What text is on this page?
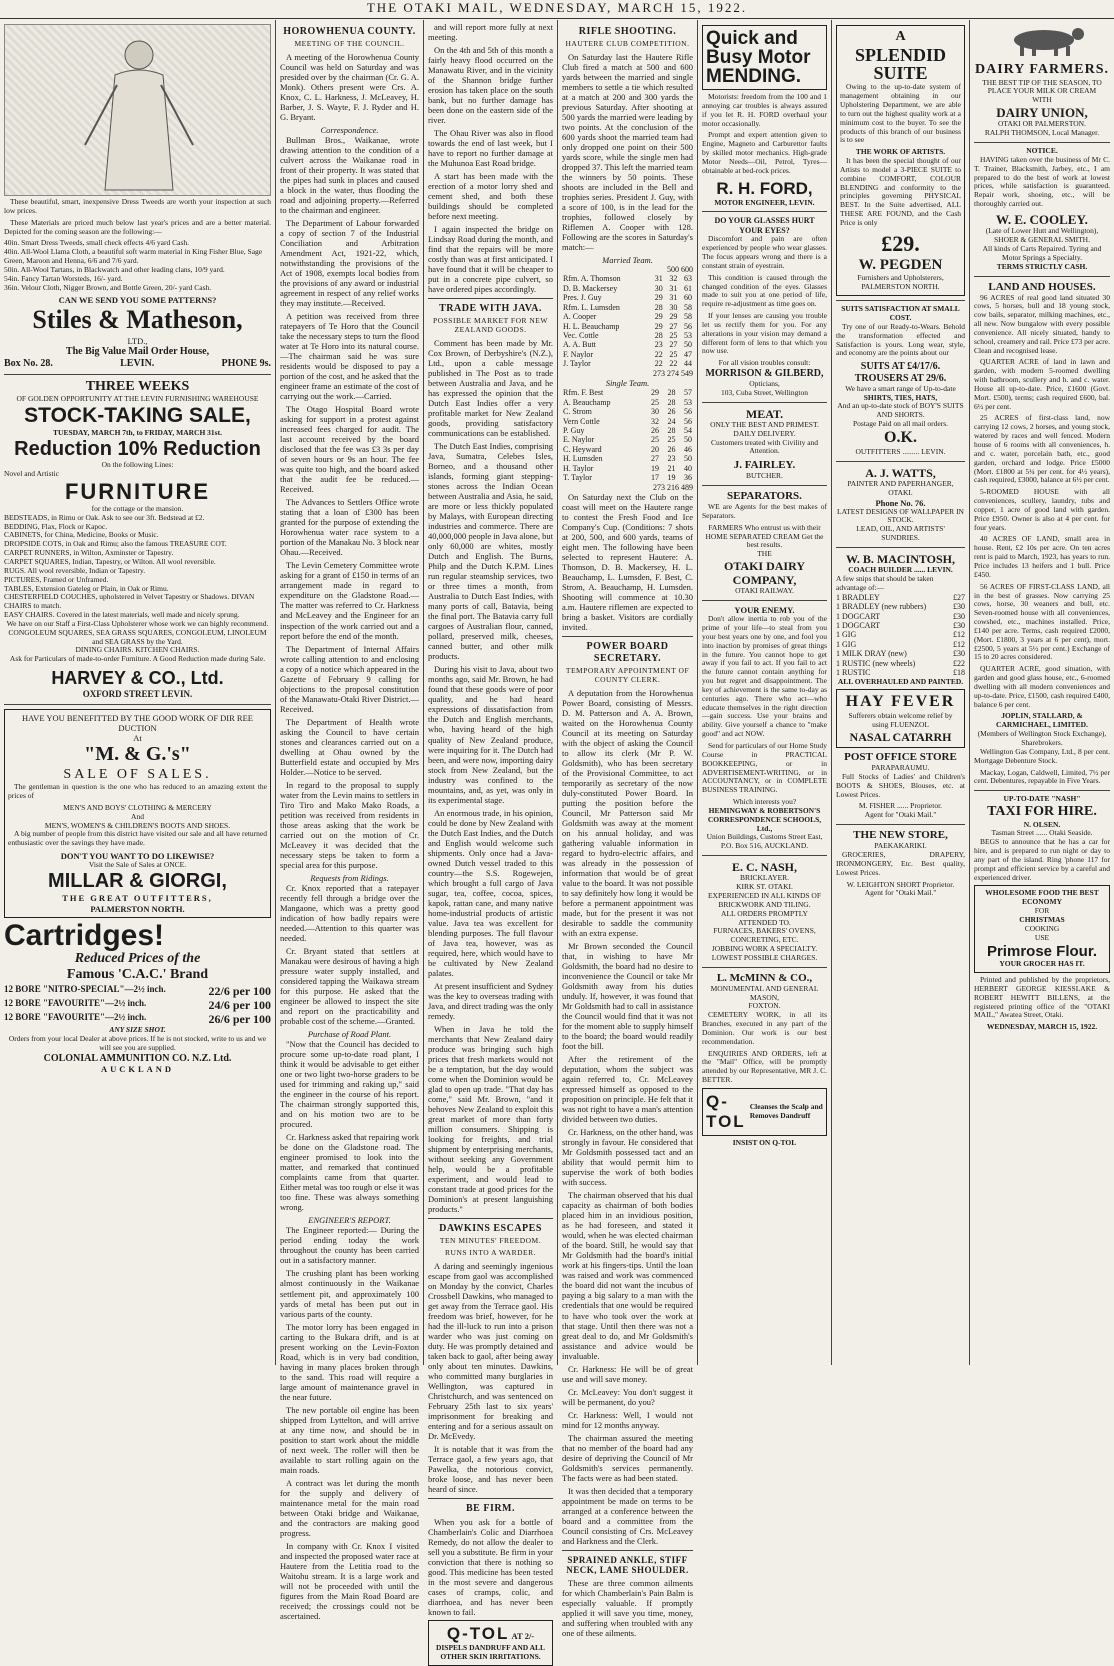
THE OTAKI MAIL, WEDNESDAY, MARCH 15, 1922.

These beautiful, smart, inexpensive Dress Tweeds are worth your inspection at such low prices.

These Materials are priced much below last year's prices and are a better material. Depicted for the coming season are the following:—

40in. Smart Dress Tweeds, small check effects 4/6 yard Cash.
40in. All-Wool Llama Cloth, a beautiful soft warm material in King Fisher Blue, Sage Green, Maroon and Henna, 6/6 and 7/6 yard.
50in. All-Wool Tartans, in Blackwatch and other leading clans, 10/9 yard.
54in. Fancy Tartan Worsteds, 16/- yard.
36in. Velour Cloth, Nigger Brown, and Bottle Green, 20/- yard Cash.
CAN WE SEND YOU SOME PATTERNS?
Stiles & Matheson,
LTD.,
The Big Value Mail Order House,
Box No. 28.	LEVIN.	PHONE 9s.
THREE WEEKS
OF GOLDEN OPPORTUNITY AT THE LEVIN FURNISHING WAREHOUSE
STOCK-TAKING SALE,
TUESDAY, MARCH 7th, to FRIDAY, MARCH 31st.
Reduction 10% Reduction
On the following Lines:
Novel and Artistic
FURNITURE
for the cottage or the mansion.
BEDSTEADS, in Rimu or Oak. Ask to see our 3ft. Bedstead at £2.
BEDDING, Flax, Flock or Kapoc.
CABINETS, for China, Medicine, Books or Music.
DROPSIDE COTS, in Oak and Rimu; also the famous TREASURE COT.
CARPET RUNNERS, in Wilton, Axminster or Tapestry.
CARPET SQUARES, Indian, Tapestry, or Wilton. All wool reversible.
RUGS. All wool reversible, Indian or Tapestry.
PICTURES, Framed or Unframed.
TABLES, Extension Gateleg or Plain, in Oak or Rimu.
CHESTERFIELD COUCHES, upholstered in Velvet Tapestry or Shadows. DIVAN CHAIRS to match.
EASY CHAIRS. Covered in the latest materials, well made and nicely sprung.
We have on our Staff a First-Class Upholsterer whose work we can highly recommend.
CONGOLEUM SQUARES, SEA GRASS SQUARES, CONGOLEUM, LINOLEUM and SEA GRASS by the Yard.
DINING CHAIRS. KITCHEN CHAIRS.
Ask for Particulars of made-to-order Furniture. A Good Reduction made during Sale.
HARVEY & CO., Ltd.
OXFORD STREET LEVIN.
HAVE YOU BENEFITTED BY THE GOOD WORK OF DIR REE DUCTION
At
"M. & G.'s"
SALE OF SALES.

The gentleman in question is the one who has reduced to an amazing extent the prices of

MEN'S AND BOYS' CLOTHING & MERCERY
And
MEN'S, WOMEN'S & CHILDREN'S BOOTS AND SHOES.

A big number of people from this district have visited our sale and all have returned enthusiastic over the savings they have made.

DON'T YOU WANT TO DO LIKEWISE?
Visit the Sale of Sales at ONCE.
MILLAR & GIORGI,
THE GREAT OUTFITTERS,
PALMERSTON NORTH.
Cartridges!
Reduced Prices of the
Famous 'C.A.C.' Brand
12 BORE "NITRO-SPECIAL"—2½ inch.	22/6 per 100
12 BORE "FAVOURITE"—2½ inch.	24/6 per 100
12 BORE "FAVOURITE"—2½ inch.	26/6 per 100
ANY SIZE SHOT.
Orders from your local Dealer at above prices. If he is not stocked, write to us and we will see you are supplied.
COLONIAL AMMUNITION CO. N.Z. Ltd.
AUCKLAND
HOROWHENUA COUNTY.
MEETING OF THE COUNCIL.

A meeting of the Horowhenua County Council was held on Saturday and was presided over by the chairman (Cr. G. A. Monk). Others present were Crs. A. Knox, C. L. Harkness, J. McLeavey, H. Barber, J. S. Wayte, F. J. Ryder and H. G. Bryant.

Correspondence.

Bullman Bros., Waikanae, wrote drawing attention to the condition of a culvert across the Waikanae road in front of their property. It was stated that the pipes had sunk in places and caused a block in the water, thus flooding the road and adjoining property.—Referred to the chairman and engineer.

The Department of Labour forwarded a copy of section 7 of the Industrial Conciliation and Arbitration Amendment Act, 1921-22, which, notwithstanding the provisions of the Act of 1908, exempts local bodies from the provisions of any award or industrial agreement in respect of any relief works they may institute.—Received.

A petition was received from three ratepayers of Te Horo that the Council take the necessary steps to turn the flood water at Te Horo into its natural course.—The chairman said he was sure residents would be disposed to pay a portion of the cost, and he asked that the engineer frame an estimate of the cost of carrying out the work.—Carried.

The Otago Hospital Board wrote asking for support in a protest against increased fees charged for audit. The last account received by the board disclosed that the fee was £3 3s per day of seven hours or 9s an hour. The fee was quite too high, and the board asked that the audit fee be reduced.—Received.

The Advances to Settlers Office wrote stating that a loan of £300 has been granted for the purpose of extending the Horowhenua water race system to a portion of the Manakau No. 3 block near Ohau.—Received.

The Levin Cemetery Committee wrote asking for a grant of £150 in terms of an arrangement made in regard to expenditure on the Gladstone Road.—The matter was referred to Cr. Harkness and McLeavey and the Engineer for an inspection of the work carried out and a report before the end of the month.

The Department of Internal Affairs wrote calling attention to and enclosing a copy of a notice which appeared in the Gazette of February 9 calling for objections to the proposal constitution of the Manawatu-Otaki River District.—Received.

The Department of Health wrote asking the Council to have certain stones and clearances carried out on a dwelling at Ohau owned by the Butterfield estate and occupied by Mrs Holder.—Notice to be served.

In regard to the proposal to supply water from the Levin mains to settlers in Tiro Tiro and Mako Mako Roads, a petition was received from residents in those areas asking that the work be carried out on the motion of Cr. McLeavey it was decided that the necessary steps be taken to form a special area for this purpose.

Requests from Ridings.

Cr. Knox reported that a ratepayer recently fell through a bridge over the Mangaone, which was a pretty good indication of how badly repairs were needed.—Attention to this quarter was needed.

Cr. Bryant stated that settlers at Manakau were desirous of having a high pressure water supply installed, and considered tapping the Waikawa stream for this purpose. He asked that the engineer be allowed to inspect the site and report on the practicability and probable cost of the scheme.—Granted.

Purchase of Road Plant.

"Now that the Council has decided to procure some up-to-date road plant, I think it would be advisable to get either one or two light two-horse graders to be used for trimming and raking up," said the engineer in the course of his report. The chairman strongly supported this, and on his motion two are to be procured.

Cr. Harkness asked that repairing work be done on the Gladstone road. The engineer promised to look into the matter, and remarked that continued complaints came from that quarter. Either metal was too rough or else it was too fine. These was always something wrong.

ENGINEER'S REPORT.

The Engineer reported:— During the period ending today the work throughout the county has been carried out in a satisfactory manner.

The crushing plant has been working almost continuously in the Waikanae settlement pit, and approximately 100 yards of metal has been put out in various parts of the county.

The motor lorry has been engaged in carting to the Bukara drift, and is at present working on the Levin-Foxton Road, which is in very bad condition, having in many places broken through to the sand. This road will require a large amount of maintenance gravel in the near future.

The new portable oil engine has been shipped from Lyttelton, and will arrive at any time now, and should be in position to start work about the middle of next week. The roller will then be available to start rolling again on the main roads.

A contract was let during the month for the supply and delivery of maintenance metal for the main road between Otaki bridge and Waikanae, and the contractors are making good progress.

In company with Cr. Knox I visited and inspected the proposed water race at Hautere from the Letitia road to the Waitohu stream. It is a large work and will not be proceeded with until the figures from the Main Road Board are received; the crossings could not be ascertained.

and will report more fully at next meeting.

On the 4th and 5th of this month a fairly heavy flood occurred on the Manawatu River, and in the vicinity of the Shannon bridge further erosion has taken place on the south bank, but no further damage has been done on the eastern side of the river.

The Ohau River was also in flood towards the end of last week, but I have to report no further damage at the Muhunoa East Road bridge.

A start has been made with the erection of a motor lorry shed and cement shed, and both these buildings should be completed before next meeting.

I again inspected the bridge on Lindsay Road during the month, and find that the repairs will be more costly than was at first anticipated. I have found that it will be cheaper to put in a concrete pipe culvert, so have ordered pipes accordingly.

TRADE WITH JAVA.
POSSIBLE MARKET FOR NEW ZEALAND GOODS.

Comment has been made by Mr. Cox Brown, of Derbyshire's (N.Z.), Ltd., upon a cable message published in The Post as to trade between Australia and Java, and he has expressed the opinion that the Dutch East Indies offer a very profitable market for New Zealand goods, providing satisfactory communications can be established.

The Dutch East Indies, comprising Java, Sumatra, Celebes Isles, Borneo, and a thousand other islands, forming giant stepping-stones across the Indian Ocean between Australia and Asia, he said, are more or less thickly populated by Malays, with European directing industries and commerce. There are 40,000,000 people in Java alone, but only 60,000 are whites, mostly Dutch and English. The Burns, Philp and the Dutch K.P.M. Lines run regular steamship services, two or three times a month, from Australia to Dutch East Indies, with many ports of call, Batavia, being the final port. The Batavia carry full cargoes of Australian flour, canned, pollard, preserved milk, cheeses, canned butter, and other milk products.

During his visit to Java, about two months ago, said Mr. Brown, he had found that these goods were of poor quality, and he had heard expressions of dissatisfaction from the Dutch and English merchants, who, having heard of the high quality of New Zealand produce, were inquiring for it. The Dutch had been, and were now, importing dairy stock from New Zealand, but the industry was confined to the mountains, and, as yet, was only in its experimental stage.

An enormous trade, in his opinion, could be done by New Zealand with the Dutch East Indies, and the Dutch and English would welcome such shipments. Only once had a Java-owned Dutch vessel traded to this country—the S.S. Rogewejen, which brought a full cargo of Java sugar, tea, coffee, cocoa, spices, kapok, rattan cane, and many native home-industrial products of artistic value. Java tea was excellent for blending purposes. The full flavour of Java tea, however, was as required, here, which would have to be cultivated by New Zealand palates.

At present insufficient and Sydney was the key to overseas trading with Java, and direct trading was the only remedy.

When in Java he told the merchants that New Zealand dairy produce was bringing such high prices that fresh markets would not be a temptation, but the day would come when the Dominion would be glad to open up trade. "That day has come," said Mr. Brown, "and it behoves New Zealand to exploit this great market of more than forty million consumers. Shipping is looking for freights, and trial shipment by enterprising merchants, without seeking any Government help, would be a profitable experiment, and would lead to constant trade at good prices for the Dominion's at present languishing products."

DAWKINS ESCAPES
TEN MINUTES' FREEDOM.
RUNS INTO A WARDER.

A daring and seemingly ingenious escape from gaol was accomplished on Monday by the convict, Charles Crossbell Dawkins, who managed to get away from the Terrace gaol. His freedom was brief, however, for he had the ill-luck to run into a prison warder who was just coming on duty. He was promptly detained and taken back to gaol, after being away only about ten minutes. Dawkins, who committed many burglaries in Wellington, was captured in Christchurch, and was sentenced on February 25th last to six years' imprisonment for breaking and entering and for a serious assault on Dr. McEvedy.

It is notable that it was from the Terrace gaol, a few years ago, that Pawelka, the notorious convict, broke loose, and has never been heard of since.

BE FIRM.

When you ask for a bottle of Chamberlain's Colic and Diarrhoea Remedy, do not allow the dealer to sell you a substitute. Be firm in your conviction that there is nothing so good. This medicine has been tested in the most severe and dangerous cases of cramps, colic, and diarrhoea, and has never been known to fail.

Q-TOL AT 2/-
DISPELS DANDRUFF AND ALL OTHER SKIN IRRITATIONS.
RIFLE SHOOTING.
HAUTERE CLUB COMPETITION.

On Saturday last the Hautere Rifle Club fired a match at 500 and 600 yards between the married and single members to settle a tie which resulted at a match at 200 and 300 yards the previous Saturday. After shooting at 500 yards the married were leading by two points. At the conclusion of the 600 yards shoot the married team had only dropped one point on their 500 yards score, while the single men had dropped 37. This left the married team the winners by 50 points. These shoots are included in the Bell and trophies series. President J. Guy, with a score of 100, is in the lead for the trophies, followed closely by Riflemen A. Cooper with 128. Following are the scores in Saturday's match:—

Married Team.
500 600
Rfm. A. Thomson	31	32	63
D. B. Mackersey	30	31	61
Pres. J. Guy	29	31	60
Rfm. L. Lumsden	28	30	58
A. Cooper	29	29	58
H. L. Beauchamp	29	27	56
Vec. Cottle	28	25	53
A. A. Butt	23	27	50
F. Naylor	22	25	47
J. Taylor	22	22	44
273 274 549
Single Team.
Rfm. F. Best	29	28	57
A. Beauchamp	25	28	53
C. Strom	30	26	56
Vern Cottle	32	24	56
P. Guy	26	28	54
E. Naylor	25	25	50
C. Heyward	20	26	46
H. Lumsden	27	23	50
H. Taylor	19	21	40
T. Taylor	17	19	36
273 216 489

On Saturday next the Club on the coast will meet on the Hautere range to contest the Fresh Food and Ice Company's Cup. (Conditions: 7 shots at 200, 500, and 600 yards, teams of eight men. The following have been selected to represent Hautere: A. Thomson, D. B. Mackersey, H. L. Beauchamp, L. Lumsden, F. Best, C. Strom, A. Beauchamp, H. Lumsden. Shooting will commence at 10.30 a.m. Hautere riflemen are expected to bring a basket. Visitors are cordially invited.

POWER BOARD SECRETARY.
TEMPORARY APPOINTMENT OF COUNTY CLERK.

A deputation from the Horowhenua Power Board, consisting of Messrs. D. M. Patterson and A. A. Brown, waited on the Horowhenua County Council at its meeting on Saturday with the object of asking the Council to allow its clerk (Mr P. W. Goldsmith), who has been secretary of the Provisional Committee, to act temporarily as secretary of the now duly-constituted Power Board. In putting the position before the Council, Mr Patterson said Mr Goldsmith was away at the moment on his annual holiday, and was gathering valuable information in regard to hydro-electric affairs, and was already in the possession of information that would be of great value to the board. It was not possible to say definitely how long it would be before a permanent appointment was made, but for the present it was not desirable to saddle the community with an extra expense.

Mr Brown seconded the Council that, in wishing to have Mr Goldsmith, the board had no desire to inconvenience the Council or take Mr Goldsmith away from his duties unduly. If, however, it was found that Mr Goldsmith had to call in assistance the Council would find that it was not for the moment able to supply himself to the board; the board would readily foot the bill.

After the retirement of the deputation, whom the subject was again referred to, Cr. McLeavey expressed himself as opposed to the proposition on principle. He felt that it was not right to have a man's attention divided between two duties.

Cr. Harkness, on the other hand, was strongly in favour. He considered that Mr Goldsmith possessed tact and an ability that would permit him to supervise the work of both bodies with success.

The chairman observed that his dual capacity as chairman of both bodies placed him in an invidious position, as he had foreseen, and stated it would, when he was elected chairman of the board. Still, he would say that Mr Goldsmith had the board's initial work at his fingers-tips. Until the loan was raised and work was commenced the board did not want the incubus of paying a big salary to a man with the credentials that one would be required to have who took over the work at that stage. Until then there was not a great deal to do, and Mr Goldsmith's assistance and advice would be invaluable.

Cr. Harkness: He will be of great use and will save money.

Cr. McLeavey: You don't suggest it will be permanent, do you?

Cr. Harkness: Well, I would not mind for 12 months anyway.

The chairman assured the meeting that no member of the board had any desire of depriving the Council of Mr Goldsmith's services permanently. The facts were as had been stated.

It was then decided that a temporary appointment be made on terms to be arranged at a conference between the board and a committee from the Council consisting of Crs. McLeavey and Harkness and the Clerk.

SPRAINED ANKLE, STIFF NECK, LAME SHOULDER.

These are three common ailments for which Chamberlain's Pain Balm is especially valuable. If promptly applied it will save you time, money, and suffering when troubled with any one of these ailments.

Quick and Busy Motor MENDING.

Motorists: freedom from the 100 and 1 annoying car troubles is always assured if you let R. H. FORD overhaul your motor occasionally.

Prompt and expert attention given to Engine, Magneto and Carburettor faults by skilled motor mechanics. High-grade Motor Needs—Oil, Petrol, Tyres—obtainable at bed-rock prices.

R. H. FORD,
MOTOR ENGINEER, LEVIN.
DO YOUR GLASSES HURT YOUR EYES?

Discomfort and pain are often experienced by people who wear glasses. The focus appears wrong and there is a constant strain of eyestrain.

This condition is caused through the changed condition of the eyes. Glasses made to suit you at one period of life, require re-adjustment as time goes on.

If your lenses are causing you trouble let us rectify them for you. For any alterations in your vision may demand a different form of lens to that which you now use.

For all vision troubles consult:
MORRISON & GILBERD,
Opticians,
103, Cuba Street, Wellington
MEAT.
ONLY THE BEST AND PRIMEST.
DAILY DELIVERY.
Customers treated with Civility and Attention.
J. FAIRLEY.
BUTCHER.
SEPARATORS.

WE are Agents for the best makes of Separators.

FARMERS Who entrust us with their HOME SEPARATED CREAM Get the best results.
THE
OTAKI DAIRY COMPANY,
OTAKI RAILWAY.
YOUR ENEMY.

Don't allow inertia to rob you of the prime of your life—to steal from you your best years one by one, and fool you into inaction by promises of great things in the future. You cannot hope to get away if you fail to act. If you fail to act the future cannot contain anything for you but regret and disappointment. The key of achievement is the same to-day as centuries ago. There who act—who educate themselves in the right direction—gain success. Use your brains and ability. Give yourself a chance to "make good" and act NOW.

Send for particulars of our Home Study Course in PRACTICAL BOOKKEEPING, or in ADVERTISEMENT-WRITING, or in ACCOUNTANCY, or in COMPLETE BUSINESS TRAINING.

Which interests you?
HEMINGWAY & ROBERTSON'S CORRESPONDENCE SCHOOLS, Ltd.,
Union Buildings, Customs Street East, P.O. Box 516, AUCKLAND.
E. C. NASH,
BRICKLAYER.
KIRK ST. OTAKI.
EXPERIENCED IN ALL KINDS OF BRICKWORK AND TILING.
ALL ORDERS PROMPTLY ATTENDED TO.
FURNACES, BAKERS' OVENS, CONCRETING, ETC.
JOBBING WORK A SPECIALTY.
LOWEST POSSIBLE CHARGES.
L. McMINN & CO.,
MONUMENTAL AND GENERAL MASON,
FOXTON.

CEMETERY WORK, in all its Branches, executed in any part of the Dominion. Our work is our best recommendation.

ENQUIRIES AND ORDERS, left at the "Mail" Office, will be promptly attended by our Representative, MR J. C. BETTER.

Q-TOL
Cleanses the Scalp and Removes Dandruff
INSIST ON Q-TOL
A
SPLENDID SUITE

Owing to the up-to-date system of management obtaining in our Upholstering Department, we are able to turn out the highest quality work at a minimum cost to the buyer. To see the products of this branch of our business is to see

THE WORK OF ARTISTS.

It has been the special thought of our Artists to model a 3-PIECE SUITE to combine COMFORT, COLOUR BLENDING and conformity to the principles governing PHYSICAL BEST. In the Suite advertised, ALL THESE ARE FOUND, and the Cash Price is only

£29.
W. PEGDEN
Furnishers and Upholsterers, PALMERSTON NORTH.
SUITS SATISFACTION AT SMALL COST.

Try one of our Ready-to-Wears. Behold the transformation effected and Satisfaction is yours. Long wear, style, and economy are the points about our

SUITS AT £4/17/6.
TROUSERS AT 29/6.
We have a smart range of Up-to-date
SHIRTS, TIES, HATS,
And an up-to-date stock of BOY'S SUITS AND SHORTS.
Postage Paid on all mail orders.
O.K.
OUTFITTERS ......... LEVIN.
A. J. WATTS,
PAINTER AND PAPERHANGER, OTAKI.
Phone No. 76.
LATEST DESIGNS OF WALLPAPER IN STOCK.
LEAD, OIL, AND ARTISTS' SUNDRIES.
W. B. MACINTOSH,
COACH BUILDER ...... LEVIN.
A few snips that should be taken advantage of:—
1 BRADLEY	£27
1 BRADLEY (new rubbers)	£30
1 DOGCART	£30
1 DOGCART	£30
1 GIG	£12
1 GIG	£12
1 MILK DRAY (new)	£30
1 RUSTIC (new wheels)	£22
1 RUSTIC	£18
ALL OVERHAULED AND PAINTED.
HAY FEVER
Sufferers obtain welcome relief by using FLUENZOL
NASAL CATARRH
POST OFFICE STORE
PARAPARAUMU.

Full Stocks of Ladies' and Children's BOOTS & SHOES, Blouses, etc. at Lowest Prices.

M. FISHER ...... Proprietor.
Agent for "Otaki Mail."
THE NEW STORE,
PAEKAKARIKI.

GROCERIES, DRAPERY, IRONMONGERY, Etc. Best quality, Lowest Prices.

W. LEIGHTON SHORT Proprietor.
Agent for "Otaki Mail."
DAIRY FARMERS.
THE BEST TIP OF THE SEASON, TO PLACE YOUR MILK OR CREAM
WITH
DAIRY UNION,
OTAKI OR PALMERSTON.
RALPH THOMSON, Local Manager.
NOTICE.

HAVING taken over the business of Mr C. T. Trainer, Blacksmith, Jarbey, etc., I am prepared to do the best of work at lowest prices, while satisfaction is guaranteed. Repair work, shoeing, etc., will be thoroughly carried out.

W. E. COOLEY.
(Late of Lower Hutt and Wellington), SHOER & GENERAL SMITH.
All kinds of Carts Repaired. Tyring and Motor Springs a Specialty.
TERMS STRICTLY CASH.
LAND AND HOUSES.

96 ACRES of real good land situated 30 cows, 5 horses, bull and 18 young stock, cow bails, separator, milking machines, etc., all new. Now bungalow with every possible convenience. All nicely situated, handy to school, creamery and rail. Price £73 per acre. Clean and recognised lease.

QUARTER ACRE of land in lawn and garden, with modern 5-roomed dwelling with bathroom, scullery and h. and c. water. House all up-to-date. Price, £1600 (Govt. Mort. £500), terms; cash required £600, bal. 6½ per cent.

25 ACRES of first-class land, now carrying 12 cows, 2 horses, and young stock, watered by races and well fenced. Modern house of 6 rooms with all conveniences, h. and c. water, porcelain bath, etc., good garden, orchard and lodge. Price £5000 (Mort. £1800 at 5¼ per cent. for 4½ years), cash required, £3000, balance at 6½ per cent.

5-ROOMED HOUSE with all conveniences, scullery, laundry, tubs and copper, 1 acre of good land with garden. Price £950. Owner is also at 4 per cent. for four years.

40 ACRES OF LAND, small area in house. Rent, £2 10s per acre. On ten acres rent is paid to March, 1923, has years to run. Price includes 13 heifers and 1 bull. Price £450.

56 ACRES OF FIRST-CLASS LAND, all in the best of grasses. Now carrying 25 cows, horse, 30 weaners and bull, etc. Seven-roomed house with all conveniences, cowshed, etc., machines installed. Price, £140 per acre. Terms, cash required £2000, (Mort. £1800, 3 years at 6 per cent), mort. £2500, 5 years at 5½ per cent.) Exchange of 15 to 20 acres considered.

QUARTER ACRE, good situation, with garden and good glass house, etc., 6-roomed dwelling with all modern conveniences and up-to-date. Price, £1500, cash required £400, balance 6 per cent.

JOPLIN, STALLARD, & CARMICHAEL, LIMITED.
(Members of Wellington Stock Exchange), Sharebrokers.

Wellington Gas Company, Ltd., 8 per cent. Mortgage Debenture Stock.

Mackay, Logan, Caldwell, Limited, 7½ per cent. Debentures, repayable in Five Years.

UP-TO-DATE "NASH"
TAXI FOR HIRE.
N. OLSEN.
Tasman Street ...... Otaki Seaside.

BEGS to announce that he has a car for hire, and is prepared to run night or day to any part of the island. Ring 'phone 117 for prompt and efficient service by a careful and experienced driver.

WHOLESOME FOOD THE BEST ECONOMY
FOR
CHRISTMAS
COOKING
USE
Primrose Flour.
YOUR GROCER HAS IT.

Printed and published by the proprietors, HERBERT GEORGE KIESSLAKE & ROBERT HEWITT BILLENS, at the registered printing office of the "OTAKI MAIL," Awatea Street, Otaki.

WEDNESDAY, MARCH 15, 1922.
